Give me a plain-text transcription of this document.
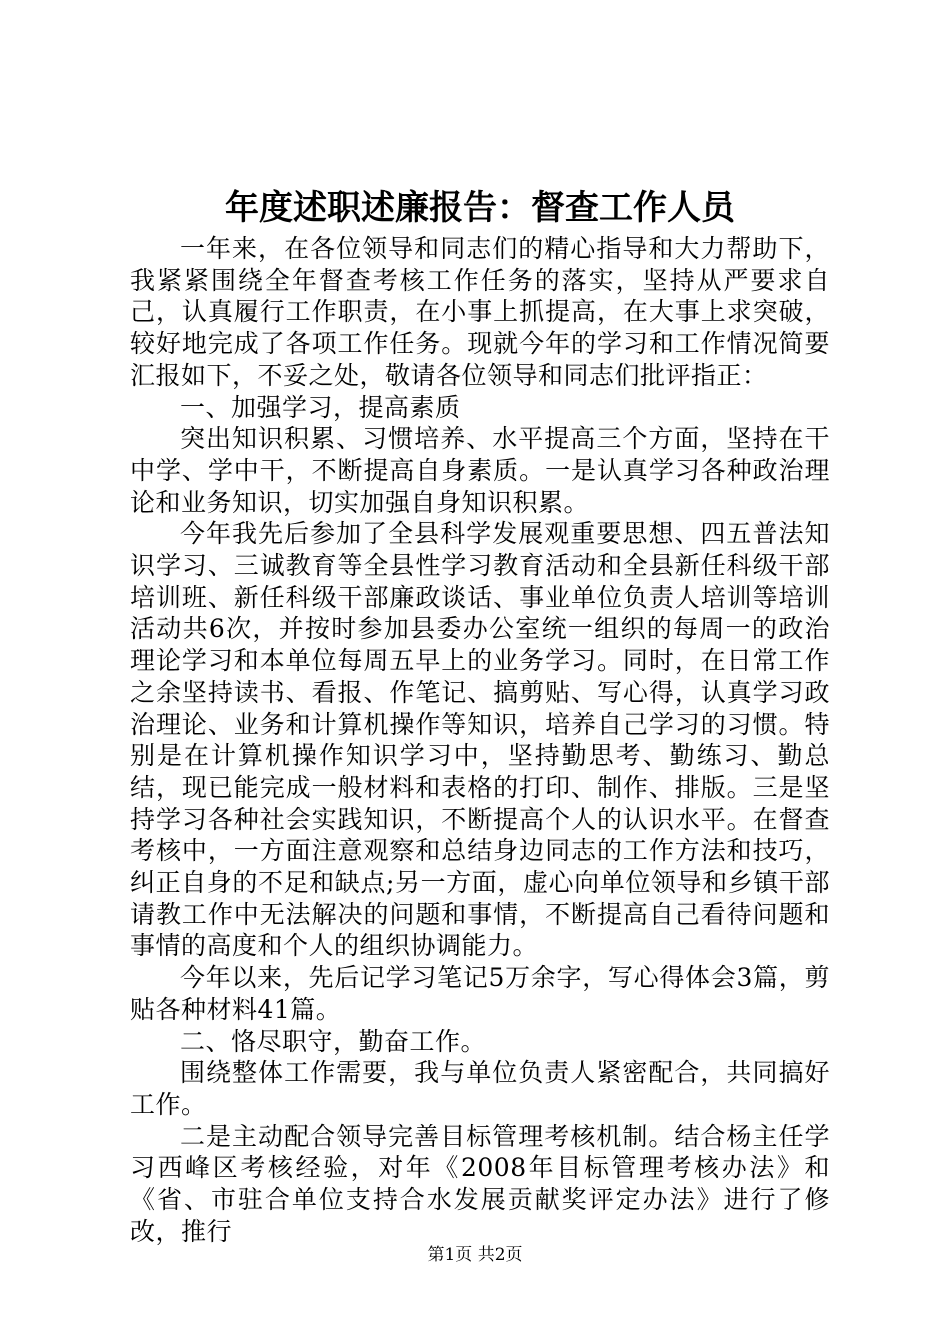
年度述职述廉报告：督查工作人员

一年来，在各位领导和同志们的精心指导和大力帮助下，我紧紧围绕全年督查考核工作任务的落实，坚持从严要求自己，认真履行工作职责，在小事上抓提高，在大事上求突破，较好地完成了各项工作任务。现就今年的学习和工作情况简要汇报如下，不妥之处，敬请各位领导和同志们批评指正：

一、加强学习，提高素质

突出知识积累、习惯培养、水平提高三个方面，坚持在干中学、学中干，不断提高自身素质。一是认真学习各种政治理论和业务知识，切实加强自身知识积累。

今年我先后参加了全县科学发展观重要思想、四五普法知识学习、三诚教育等全县性学习教育活动和全县新任科级干部培训班、新任科级干部廉政谈话、事业单位负责人培训等培训活动共6次，并按时参加县委办公室统一组织的每周一的政治理论学习和本单位每周五早上的业务学习。同时，在日常工作之余坚持读书、看报、作笔记、搞剪贴、写心得，认真学习政治理论、业务和计算机操作等知识，培养自己学习的习惯。特别是在计算机操作知识学习中，坚持勤思考、勤练习、勤总结，现已能完成一般材料和表格的打印、制作、排版。三是坚持学习各种社会实践知识，不断提高个人的认识水平。在督查考核中，一方面注意观察和总结身边同志的工作方法和技巧，纠正自身的不足和缺点;另一方面，虚心向单位领导和乡镇干部请教工作中无法解决的问题和事情，不断提高自己看待问题和事情的高度和个人的组织协调能力。

今年以来，先后记学习笔记5万余字，写心得体会3篇，剪贴各种材料41篇。

二、恪尽职守，勤奋工作。

围绕整体工作需要，我与单位负责人紧密配合，共同搞好工作。

二是主动配合领导完善目标管理考核机制。结合杨主任学习西峰区考核经验，对年《2008年目标管理考核办法》和《省、市驻合单位支持合水发展贡献奖评定办法》进行了修改，推行

第1页 共2页
